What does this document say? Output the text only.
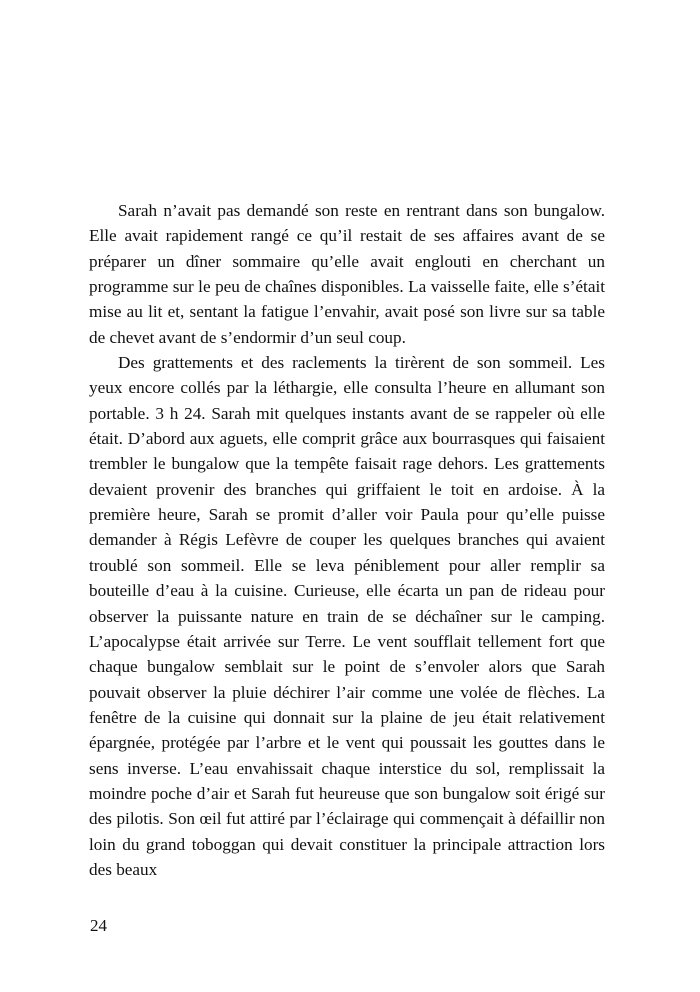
Sarah n’avait pas demandé son reste en rentrant dans son bungalow. Elle avait rapidement rangé ce qu’il restait de ses affaires avant de se préparer un dîner sommaire qu’elle avait englouti en cherchant un programme sur le peu de chaînes disponibles. La vaisselle faite, elle s’était mise au lit et, sentant la fatigue l’envahir, avait posé son livre sur sa table de chevet avant de s’endormir d’un seul coup.

Des grattements et des raclements la tirèrent de son sommeil. Les yeux encore collés par la léthargie, elle consulta l’heure en allumant son portable. 3 h 24. Sarah mit quelques instants avant de se rappeler où elle était. D’abord aux aguets, elle comprit grâce aux bourrasques qui faisaient trembler le bungalow que la tempête faisait rage dehors. Les grattements devaient provenir des branches qui griffaient le toit en ardoise. À la première heure, Sarah se promit d’aller voir Paula pour qu’elle puisse demander à Régis Lefèvre de couper les quelques branches qui avaient troublé son sommeil. Elle se leva péniblement pour aller remplir sa bouteille d’eau à la cuisine. Curieuse, elle écarta un pan de rideau pour observer la puissante nature en train de se déchaîner sur le camping. L’apocalypse était arrivée sur Terre. Le vent soufflait tellement fort que chaque bungalow semblait sur le point de s’envoler alors que Sarah pouvait observer la pluie déchirer l’air comme une volée de flèches. La fenêtre de la cuisine qui donnait sur la plaine de jeu était relativement épargnée, protégée par l’arbre et le vent qui poussait les gouttes dans le sens inverse. L’eau envahissait chaque interstice du sol, remplissait la moindre poche d’air et Sarah fut heureuse que son bungalow soit érigé sur des pilotis. Son œil fut attiré par l’éclairage qui commençait à défaillir non loin du grand toboggan qui devait constituer la principale attraction lors des beaux

24
